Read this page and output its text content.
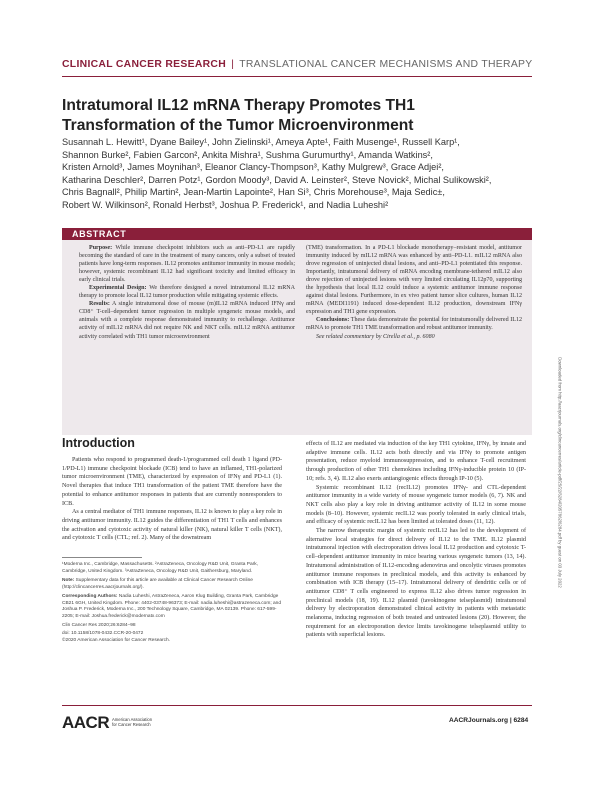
CLINICAL CANCER RESEARCH | TRANSLATIONAL CANCER MECHANISMS AND THERAPY
Intratumoral IL12 mRNA Therapy Promotes TH1
Transformation of the Tumor Microenvironment
Susannah L. Hewitt¹, Dyane Bailey¹, John Zielinski¹, Ameya Apte¹, Faith Musenge¹, Russell Karp¹,
Shannon Burke², Fabien Garcon², Ankita Mishra¹, Sushma Gurumurthy¹, Amanda Watkins²,
Kristen Arnold³, James Moynihan³, Eleanor Clancy-Thompson³, Kathy Mulgrew³, Grace Adjei²,
Katharina Deschler², Darren Potz¹, Gordon Moody³, David A. Leinster², Steve Novick², Michal Sulikowski²,
Chris Bagnall², Philip Martin², Jean-Martin Lapointe², Han Si³, Chris Morehouse³, Maja Sedic±,
Robert W. Wilkinson², Ronald Herbst³, Joshua P. Frederick¹, and Nadia Luheshi²
ABSTRACT

Purpose: While immune checkpoint inhibitors such as anti–PD-L1 are rapidly becoming the standard of care in the treatment of many cancers, only a subset of treated patients have long-term responses. IL12 promotes antitumor immunity in mouse models; however, systemic recombinant IL12 had significant toxicity and limited efficacy in early clinical trials.

Experimental Design: We therefore designed a novel intratumoral IL12 mRNA therapy to promote local IL12 tumor production while mitigating systemic effects.

Results: A single intratumoral dose of mouse (m)IL12 mRNA induced IFNγ and CD8⁺ T-cell–dependent tumor regression in multiple syngeneic mouse models, and animals with a complete response demonstrated immunity to rechallenge. Antitumor activity of mIL12 mRNA did not require NK and NKT cells. mIL12 mRNA antitumor activity correlated with TH1 tumor microenvironment

(TME) transformation. In a PD-L1 blockade monotherapy–resistant model, antitumor immunity induced by mIL12 mRNA was enhanced by anti–PD-L1. mIL12 mRNA also drove regression of uninjected distal lesions, and anti–PD-L1 potentiated this response. Importantly, intratumoral delivery of mRNA encoding membrane-tethered mIL12 also drove rejection of uninjected lesions with very limited circulating IL12p70, supporting the hypothesis that local IL12 could induce a systemic antitumor immune response against distal lesions. Furthermore, in ex vivo patient tumor slice cultures, human IL12 mRNA (MEDI1191) induced dose-dependent IL12 production, downstream IFNγ expression and TH1 gene expression.

Conclusions: These data demonstrate the potential for intratumorally delivered IL12 mRNA to promote TH1 TME transformation and robust antitumor immunity.

See related commentary by Cirella et al., p. 6080

Downloaded from http://aacrjournals.org/clincancerres/article-pdf/25/22/6284/2057862/6284.pdf by guest on 03 July 2022
Introduction

Patients who respond to programmed death-1/programmed cell death 1 ligand (PD-1/PD-L1) immune checkpoint blockade (ICB) tend to have an inflamed, TH1-polarized tumor microenvironment (TME), characterized by expression of IFNγ and PD-L1 (1). Novel therapies that induce TH1 transformation of the patient TME therefore have the potential to enhance antitumor responses in patients that are currently nonresponders to ICB.

As a central mediator of TH1 immune responses, IL12 is known to play a key role in driving antitumor immunity. IL12 guides the differentiation of TH1 T cells and enhances the activation and cytotoxic activity of natural killer (NK), natural killer T cells (NKT), and cytotoxic T cells (CTL; ref. 2). Many of the downstream

effects of IL12 are mediated via induction of the key TH1 cytokine, IFNγ, by innate and adaptive immune cells. IL12 acts both directly and via IFNγ to promote antigen presentation, reduce myeloid immunosuppression, and to enhance T-cell recruitment through production of other TH1 chemokines including IFNγ-inducible protein 10 (IP-10; refs. 3, 4). IL12 also exerts antiangiogenic effects through IP-10 (5).

Systemic recombinant IL12 (recIL12) promotes IFNγ- and CTL-dependent antitumor immunity in a wide variety of mouse syngeneic tumor models (6, 7). NK and NKT cells also play a key role in driving antitumor activity of IL12 in some mouse models (8–10). However, systemic recIL12 was poorly tolerated in early clinical trials, and efficacy of systemic recIL12 has been limited at tolerated doses (11, 12).

The narrow therapeutic margin of systemic recIL12 has led to the development of alternative local strategies for direct delivery of IL12 to the TME. IL12 plasmid intratumoral injection with electroporation drives local IL12 production and cytotoxic T-cell–dependent antitumor immunity in mice bearing various syngeneic tumors (13, 14). Intratumoral administration of IL12-encoding adenovirus and oncolytic viruses promotes antitumor immune responses in preclinical models, and this activity is enhanced by combination with ICB therapy (15–17). Intratumoral delivery of dendritic cells or of antitumor CD8⁺ T cells engineered to express IL12 also drives tumor regression in preclinical models (18, 19). IL12 plasmid (tavokinogene telseplasmid) intratumoral delivery by electroporation demonstrated clinical activity in patients with metastatic melanoma, inducing regression of both treated and untreated lesions (20). However, the requirement for an electroporation device limits tavokinogene telseplasmid utility to patients with superficial lesions.

¹Moderna Inc., Cambridge, Massachusetts. ²AstraZeneca, Oncology R&D Unit, Granta Park, Cambridge, United Kingdom. ³AstraZeneca, Oncology R&D Unit, Gaithersburg, Maryland.

Note: Supplementary data for this article are available at Clinical Cancer Research Online (http://clincancerres.aacrjournals.org/).

Corresponding Authors: Nadia Luheshi, AstraZeneca, Aaron Klug Building, Granta Park, Cambridge CB21 6GH, United Kingdom. Phone: 4402-03748-96373; E-mail: nadia.luheshi@astrazeneca.com; and Joshua P. Frederick, Moderna Inc., 200 Technology Square, Cambridge, MA 02139. Phone: 617-599-2205; E-mail: Joshua.frederick@modernatx.com

Clin Cancer Res 2020;26:6284–98

doi: 10.1158/1078-0432.CCR-20-0472

©2020 American Association for Cancer Research.

AACR American Association
for Cancer Research
AACRJournals.org | 6284
